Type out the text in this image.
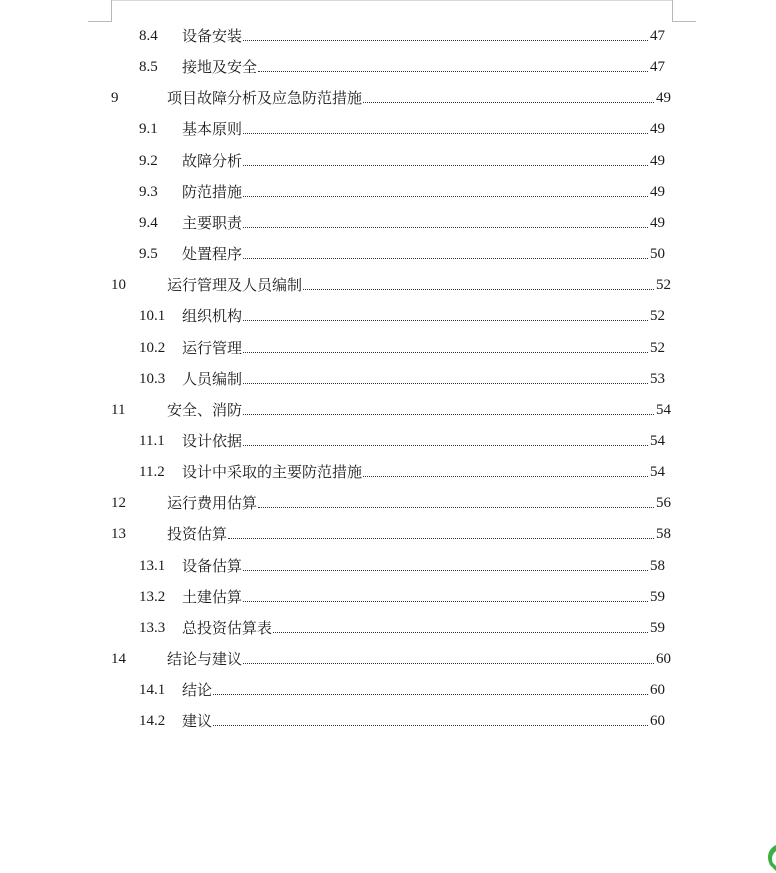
8.4	设备安装	47
8.5	接地及安全	47
9	项目故障分析及应急防范措施	49
9.1	基本原则	49
9.2	故障分析	49
9.3	防范措施	49
9.4	主要职责	49
9.5	处置程序	50
10	运行管理及人员编制	52
10.1	组织机构	52
10.2	运行管理	52
10.3	人员编制	53
11	安全、消防	54
11.1	设计依据	54
11.2	设计中采取的主要防范措施	54
12	运行费用估算	56
13	投资估算	58
13.1	设备估算	58
13.2	土建估算	59
13.3	总投资估算表	59
14	结论与建议	60
14.1	结论	60
14.2	建议	60
